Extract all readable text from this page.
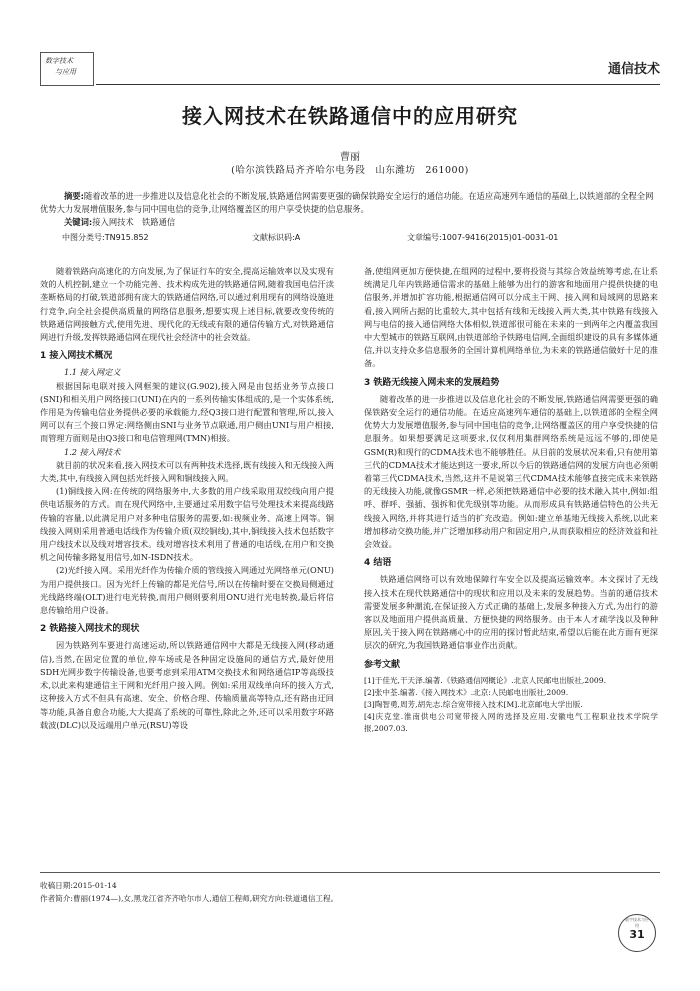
数字技术
与应用	通信技术
接入网技术在铁路通信中的应用研究
曹丽
(哈尔滨铁路局齐齐哈尔电务段　山东潍坊　261000)
摘要:随着改革的进一步推进以及信息化社会的不断发展,铁路通信网需要更强的确保铁路安全运行的通信功能。在适应高速列车通信的基础上,以铁道部的全程全网优势大力发展增值服务,参与同中国电信的竞争,让网络覆盖区的用户享受快捷的信息服务。
关键词:接入网技术　铁路通信
中图分类号:TN915.852	文献标识码:A	文章编号:1007-9416(2015)01-0031-01

随着铁路向高速化的方向发展,为了保证行车的安全,提高运输效率以及实现有效的人机控制,建立一个功能完善、技术构成先进的铁路通信网,随着我国电信汗渎垄断格局的打破,铁道部拥有庞大的铁路通信网络,可以通过利用现有的网络设施进行竞争,向全社会提供高质量的网络信息服务,想要实现上述目标,就要改变传统的铁路通信网接触方式,使用先进、现代化的无线或有限的通信传输方式,对铁路通信网进行升级,发挥铁路通信网在现代社会经济中的社会效益。

1 接入网技术概况

1.1 接入网定义

根据国际电联对接入网框架的建议(G.902),接入网是由包括业务节点接口(SNI)和相关用户网络接口(UNI)在内的一系列传输实体组成的,是一个实体系统,作用是为传输电信业务提供必要的承载能力,经Q3接口进行配置和管理,所以,接入网可以有三个接口界定:网络侧由SNI与业务节点联通,用户侧由UNI与用户相接,而管理方面则是由Q3接口和电信管理网(TMN)相接。

1.2 接入网技术

就目前的状况来看,接入网技术可以有两种技术选择,既有线接入和无线接入两大类,其中,有线接入网包括光纤接入网和铜线接入网。

(1)铜线接入网:在传统的网络服务中,大多数的用户线采取用双绞线向用户提供电话服务的方式。而在现代网络中,主要通过采用数字信号处理技术来提高线路传输的容量,以此满足用户对多种电信服务的需要,如:视频业务、高速上网等。铜线接入网则采用普通电话线作为传输介质(双绞铜线),其中,铜线接入技术包括数字用户线技术以及线对增容技术。线对增容技术利用了普通的电话线,在用户和交换机之间传输多路复用信号,如N-ISDN技术。

(2)光纤接入网。采用光纤作为传输介质的管线接入网通过光网络单元(ONU)为用户提供接口。因为光纤上传输的都是光信号,所以在传输时要在交换局侧通过光线路终端(OLT)进行电光转换,而用户侧则要利用ONU进行光电转换,最后将信息传输给用户设备。

2 铁路接入网技术的现状

因为铁路列车要进行高速运动,所以铁路通信网中大都是无线接入网(移动通信),当然,在固定位置的单位,停车场或是各种固定设施间的通信方式,最好使用SDH光网步数字传输设备,也要考虑到采用ATM交换技术和网络通信IP等高级技术,以此来构建通信主干网和光纤用户接入网。例如:采用双线单向环的接入方式,这种接入方式不但具有高速、安全、价格合理、传输质量高等特点,还有路由迂回等功能,具备自愈合功能,大大提高了系统的可靠性,除此之外,还可以采用数字环路载波(DLC)以及远端用户单元(RSU)等设

备,使组网更加方便快捷,在组网的过程中,要将投资与其综合效益统筹考虑,在让系统满足几年内铁路通信需求的基础上能够为出行的游客和地面用户提供快捷的电信服务,并增加扩容功能,根据通信网可以分成主干网、接入网和局域网的思路来看,接入网所占据的比重较大,其中包括有线和无线接入两大类,其中铁路有线接入网与电信的接入通信网络大体相似,铁道部很可能在未来的一到两年之内覆盖我国中大型城市的铁路互联网,由铁道部给予铁路电信网,全面组织建设的具有多媒体通信,并以支持众多信息服务的全国计算机网络单位,为未来的铁路通信做好十足的准备。

3 铁路无线接入网未来的发展趋势

随着改革的进一步推进以及信息化社会的不断发展,铁路通信网需要更强的确保铁路安全运行的通信功能。在适应高速列车通信的基础上,以铁道部的全程全网优势大力发展增值服务,参与同中国电信的竞争,让网络覆盖区的用户享受快捷的信息服务。如果想要满足这项要求,仅仅利用集群网络系统是远远不够的,即使是GSM(R)和现行的CDMA技术也不能够胜任。从目前的发展状况来看,只有使用第三代的CDMA技术才能达到这一要求,所以今后的铁路通信网的发展方向也必须朝着第三代CDMA技术,当然,这并不是说第三代CDMA技术能够直接完成未来铁路的无线接入功能,就像GSMR一样,必须把铁路通信中必要的技术融入其中,例如:组呼、群呼、强插、强拆和优先级别等功能。从而形成具有铁路通信特色的公共无线接入网络,并将其进行适当的扩充改造。例如:建立单基地无线接入系统,以此来增加移动交换功能,并广泛增加移动用户和固定用户,从而获取相应的经济效益和社会效益。

4 结语

铁路通信网络可以有效地保障行车安全以及提高运输效率。本文探讨了无线接入技术在现代铁路通信中的现状和应用以及未来的发展趋势。当前的通信技术需要发展多种潮流,在保证接入方式正确的基础上,发展多种接入方式,为出行的游客以及地面用户提供高质量、方便快捷的网络服务。由于本人才疏学浅以及种种原因,关于接入网在铁路痛心中的应用的探讨暂此结束,希望以后能在此方面有更深层次的研究,为我国铁路通信事业作出贡献。

参考文献

[1]于佳光,干天泽.编著.《铁路通信网概论》.北京人民邮电出版社,2009.

[2]张中荃.编著.《接入网技术》.北京:人民邮电出版社,2009.

[3]陶智勇,周芳,胡先志.综合宽带接入技术[M].北京邮电大学出版.

[4]庆克堂.淮南供电公司宽带接入网的选择及应用.安徽电气工程职业技术学院学报,2007.03.

收稿日期:2015-01-14
作者简介:曹丽(1974—),女,黑龙江省齐齐哈尔市人,通信工程师,研究方向:铁道通信工程。
数字技术与应用
31
